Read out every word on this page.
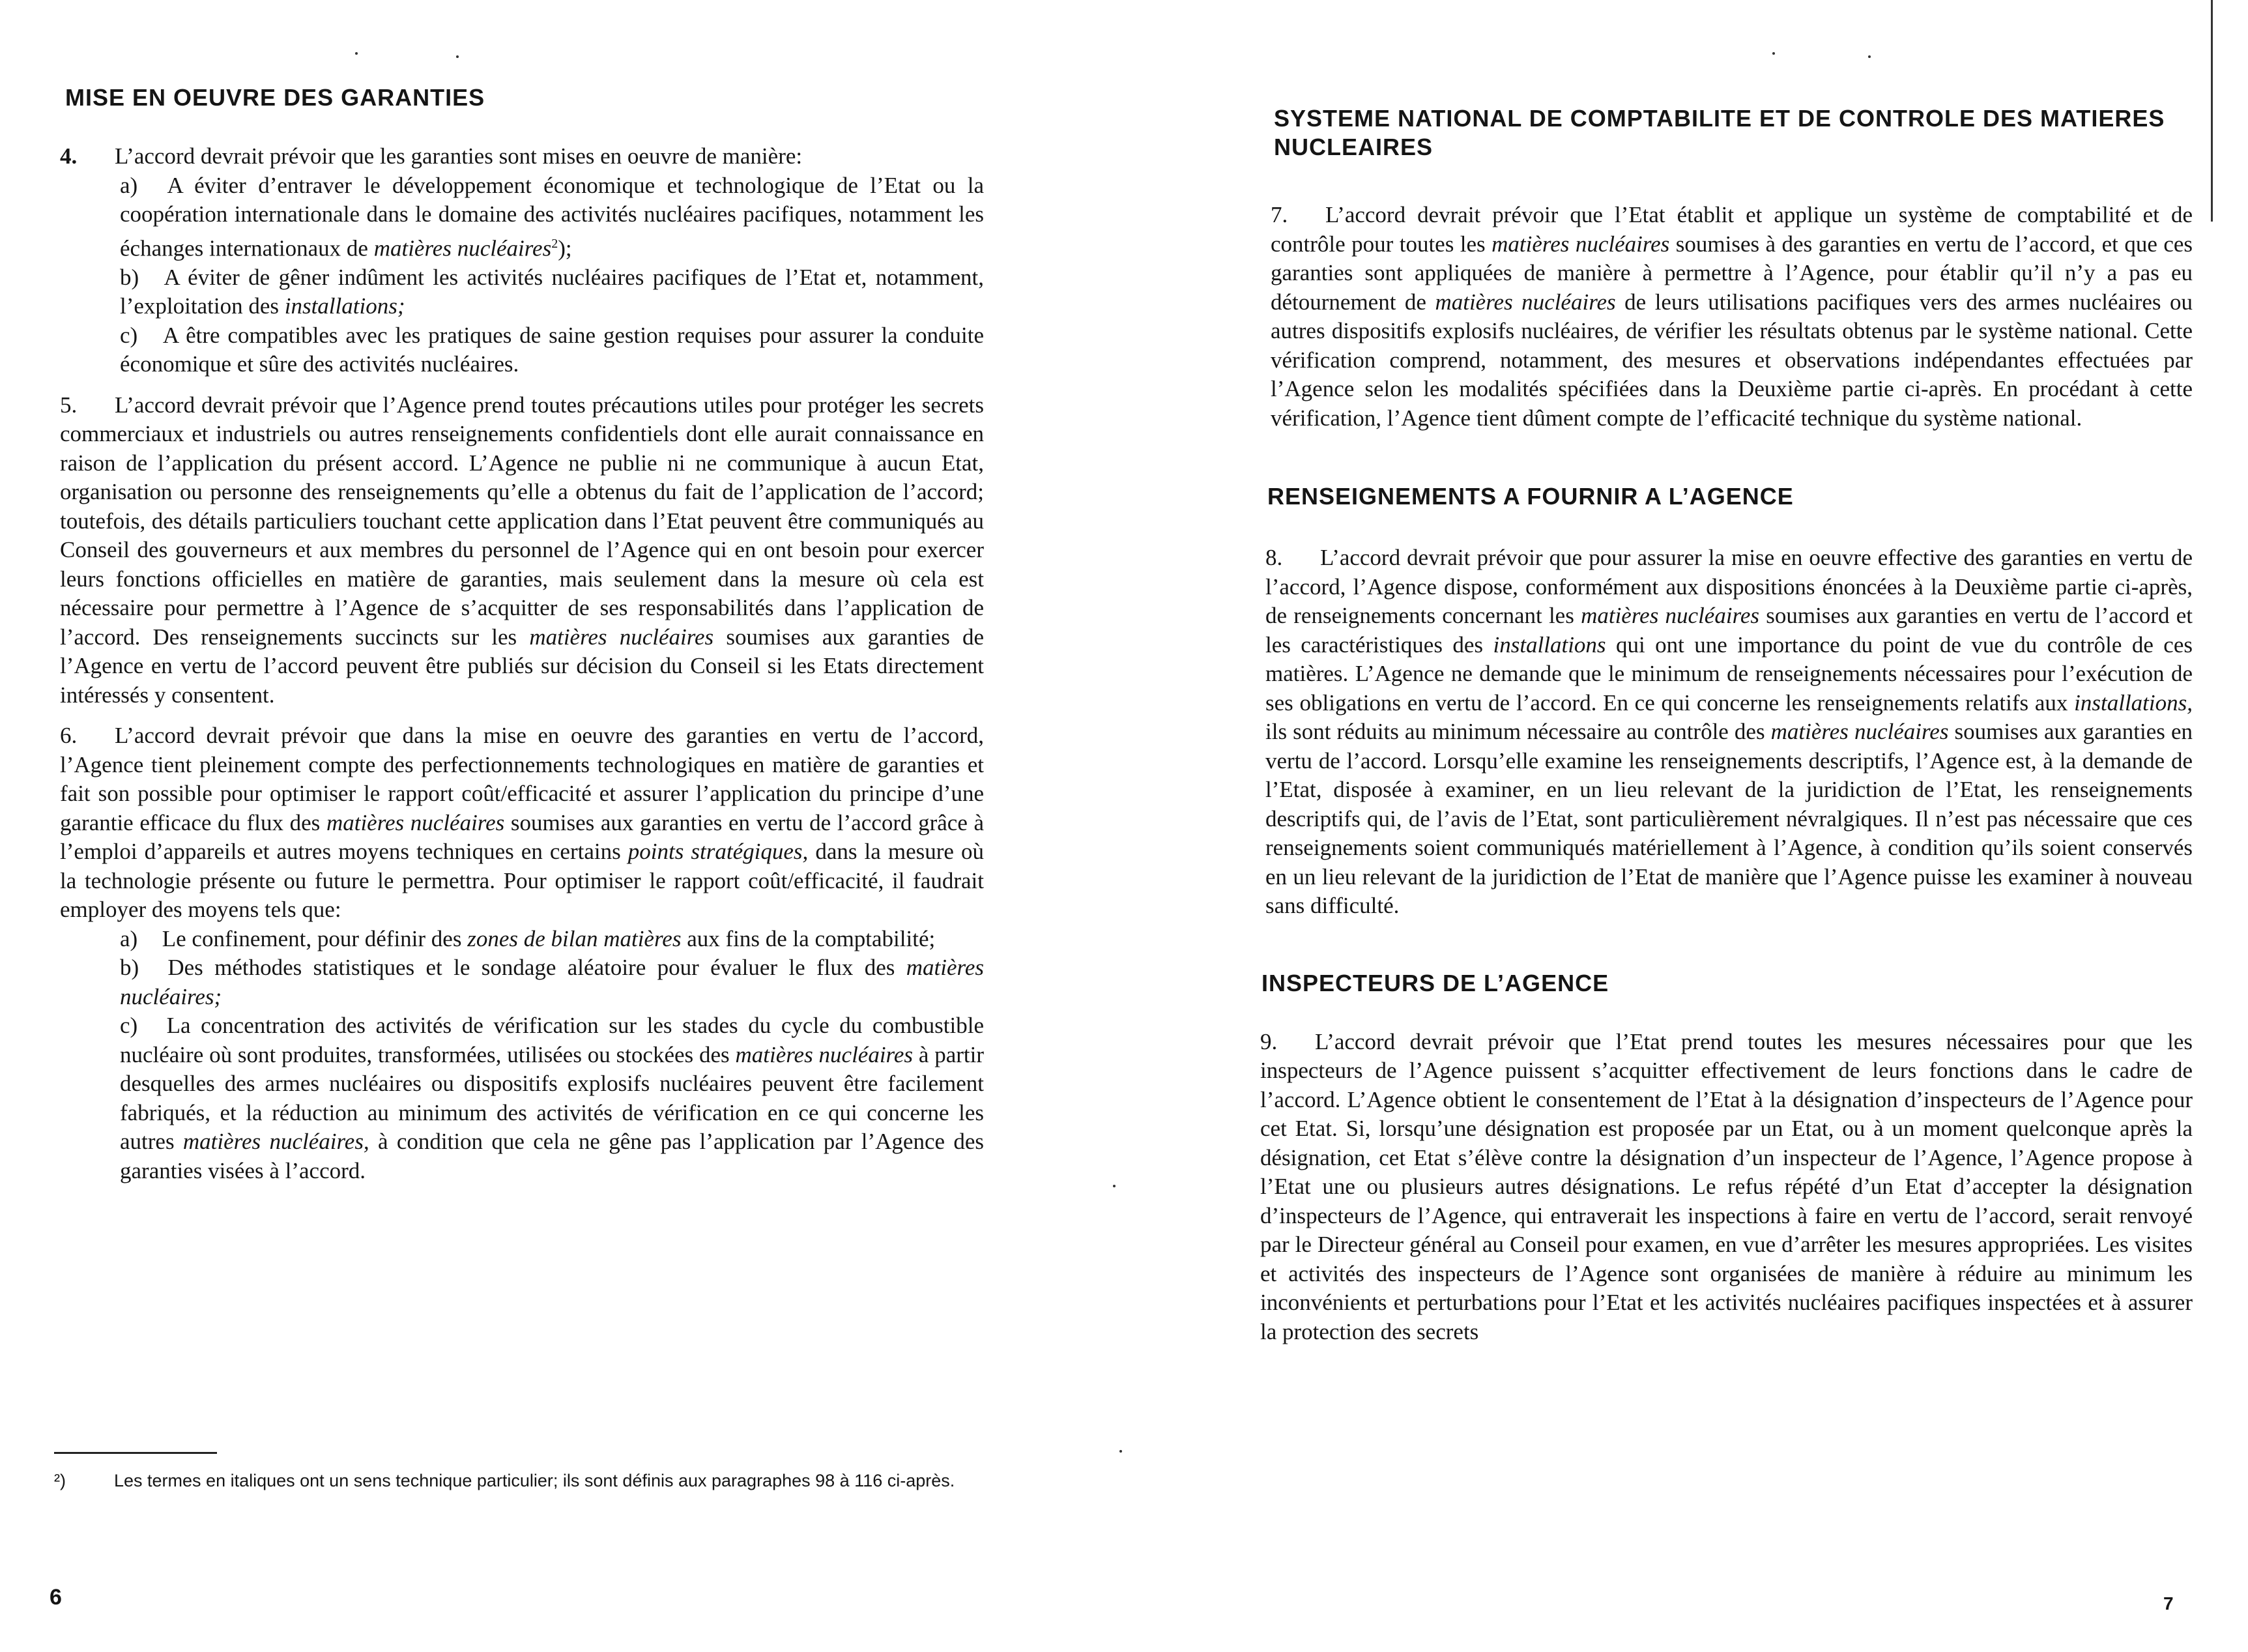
MISE EN OEUVRE DES GARANTIES

4. L’accord devrait prévoir que les garanties sont mises en oeuvre de manière:

a) A éviter d’entraver le développement économique et technologique de l’Etat ou la coopération internationale dans le domaine des activités nucléaires pacifiques, notamment les échanges internationaux de matières nucléaires$^2$);

b) A éviter de gêner indûment les activités nucléaires pacifiques de l’Etat et, notamment, l’exploitation des installations;

c) A être compatibles avec les pratiques de saine gestion requises pour assurer la conduite économique et sûre des activités nucléaires.

5. L’accord devrait prévoir que l’Agence prend toutes précautions utiles pour protéger les secrets commerciaux et industriels ou autres renseignements confidentiels dont elle aurait connaissance en raison de l’application du présent accord. L’Agence ne publie ni ne communique à aucun Etat, organisation ou personne des renseignements qu’elle a obtenus du fait de l’application de l’accord; toutefois, des détails particuliers touchant cette application dans l’Etat peuvent être communiqués au Conseil des gouverneurs et aux membres du personnel de l’Agence qui en ont besoin pour exercer leurs fonctions officielles en matière de garanties, mais seulement dans la mesure où cela est nécessaire pour permettre à l’Agence de s’acquitter de ses responsabilités dans l’application de l’accord. Des renseignements succincts sur les matières nucléaires soumises aux garanties de l’Agence en vertu de l’accord peuvent être publiés sur décision du Conseil si les Etats directement intéressés y consentent.

6. L’accord devrait prévoir que dans la mise en oeuvre des garanties en vertu de l’accord, l’Agence tient pleinement compte des perfectionnements technologiques en matière de garanties et fait son possible pour optimiser le rapport coût/efficacité et assurer l’application du principe d’une garantie efficace du flux des matières nucléaires soumises aux garanties en vertu de l’accord grâce à l’emploi d’appareils et autres moyens techniques en certains points stratégiques, dans la mesure où la technologie présente ou future le permettra. Pour optimiser le rapport coût/efficacité, il faudrait employer des moyens tels que:

a) Le confinement, pour définir des zones de bilan matières aux fins de la comptabilité;

b) Des méthodes statistiques et le sondage aléatoire pour évaluer le flux des matières nucléaires;

c) La concentration des activités de vérification sur les stades du cycle du combustible nucléaire où sont produites, transformées, utilisées ou stockées des matières nucléaires à partir desquelles des armes nucléaires ou dispositifs explosifs nucléaires peuvent être facilement fabriqués, et la réduction au minimum des activités de vérification en ce qui concerne les autres matières nucléaires, à condition que cela ne gêne pas l’application par l’Agence des garanties visées à l’accord.

²)	Les termes en italiques ont un sens technique particulier; ils sont définis aux paragraphes 98 à 116 ci-après.
6
SYSTEME NATIONAL DE COMPTABILITE ET DE CONTROLE DES MATIERES
NUCLEAIRES

7. L’accord devrait prévoir que l’Etat établit et applique un système de comptabilité et de contrôle pour toutes les matières nucléaires soumises à des garanties en vertu de l’accord, et que ces garanties sont appliquées de manière à permettre à l’Agence, pour établir qu’il n’y a pas eu détournement de matières nucléaires de leurs utilisations pacifiques vers des armes nucléaires ou autres dispositifs explosifs nucléaires, de vérifier les résultats obtenus par le système national. Cette vérification comprend, notamment, des mesures et observations indépendantes effectuées par l’Agence selon les modalités spécifiées dans la Deuxième partie ci-après. En procédant à cette vérification, l’Agence tient dûment compte de l’efficacité technique du système national.

RENSEIGNEMENTS A FOURNIR A L’AGENCE

8. L’accord devrait prévoir que pour assurer la mise en oeuvre effective des garanties en vertu de l’accord, l’Agence dispose, conformément aux dispositions énoncées à la Deuxième partie ci-après, de renseignements concernant les matières nucléaires soumises aux garanties en vertu de l’accord et les caractéristiques des installations qui ont une importance du point de vue du contrôle de ces matières. L’Agence ne demande que le minimum de renseignements nécessaires pour l’exécution de ses obligations en vertu de l’accord. En ce qui concerne les renseignements relatifs aux installations, ils sont réduits au minimum nécessaire au contrôle des matières nucléaires soumises aux garanties en vertu de l’accord. Lorsqu’elle examine les renseignements descriptifs, l’Agence est, à la demande de l’Etat, disposée à examiner, en un lieu relevant de la juridiction de l’Etat, les renseignements descriptifs qui, de l’avis de l’Etat, sont particulièrement névralgiques. Il n’est pas nécessaire que ces renseignements soient communiqués matériellement à l’Agence, à condition qu’ils soient conservés en un lieu relevant de la juridiction de l’Etat de manière que l’Agence puisse les examiner à nouveau sans difficulté.

INSPECTEURS DE L’AGENCE

9. L’accord devrait prévoir que l’Etat prend toutes les mesures nécessaires pour que les inspecteurs de l’Agence puissent s’acquitter effectivement de leurs fonctions dans le cadre de l’accord. L’Agence obtient le consentement de l’Etat à la désignation d’inspecteurs de l’Agence pour cet Etat. Si, lorsqu’une désignation est proposée par un Etat, ou à un moment quelconque après la désignation, cet Etat s’élève contre la désignation d’un inspecteur de l’Agence, l’Agence propose à l’Etat une ou plusieurs autres désignations. Le refus répété d’un Etat d’accepter la désignation d’inspecteurs de l’Agence, qui entraverait les inspections à faire en vertu de l’accord, serait renvoyé par le Directeur général au Conseil pour examen, en vue d’arrêter les mesures appropriées. Les visites et activités des inspecteurs de l’Agence sont organisées de manière à réduire au minimum les inconvénients et perturbations pour l’Etat et les activités nucléaires pacifiques inspectées et à assurer la protection des secrets

7
